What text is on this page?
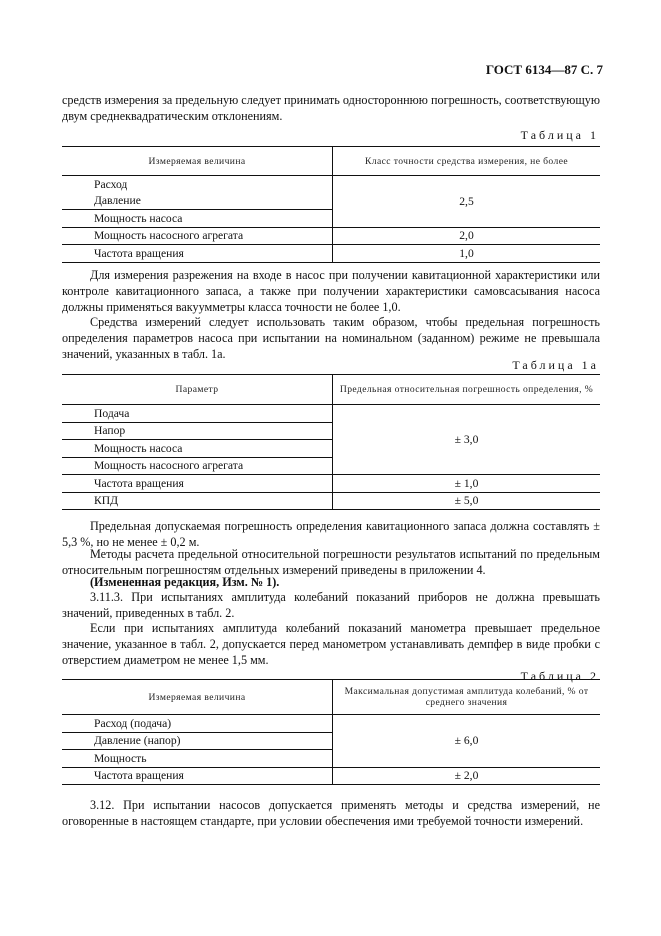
ГОСТ 6134—87 С. 7

средств измерения за предельную следует принимать одностороннюю погрешность, соответствующую двум среднеквадратическим отклонениям.

Таблица 1
Измеряемая величина	Класс точности средства измерения, не более
Расход	2,5
Давление	
Мощность насоса	
Мощность насосного агрегата	2,0
Частота вращения	1,0

Для измерения разрежения на входе в насос при получении кавитационной характеристики или контроле кавитационного запаса, а также при получении характеристики самовсасывания насоса должны применяться вакуумметры класса точности не более 1,0.

Средства измерений следует использовать таким образом, чтобы предельная погрешность определения параметров насоса при испытании на номинальном (заданном) режиме не превышала значений, указанных в табл. 1а.

Таблица 1а
Параметр	Предельная относительная погрешность определения, %
Подача	± 3,0
Напор	
Мощность насоса	
Мощность насосного агрегата	
Частота вращения	± 1,0
КПД	± 5,0

Предельная допускаемая погрешность определения кавитационного запаса должна составлять ± 5,3 %, но не менее ± 0,2 м.

Методы расчета предельной относительной погрешности результатов испытаний по предельным относительным погрешностям отдельных измерений приведены в приложении 4.

(Измененная редакция, Изм. № 1).

3.11.3. При испытаниях амплитуда колебаний показаний приборов не должна превышать значений, приведенных в табл. 2.

Если при испытаниях амплитуда колебаний показаний манометра превышает предельное значение, указанное в табл. 2, допускается перед манометром устанавливать демпфер в виде пробки с отверстием диаметром не менее 1,5 мм.

Таблица 2
Измеряемая величина	Максимальная допустимая амплитуда колебаний, % от среднего значения
Расход (подача)	± 6,0
Давление (напор)	
Мощность	
Частота вращения	± 2,0

3.12. При испытании насосов допускается применять методы и средства измерений, не оговоренные в настоящем стандарте, при условии обеспечения ими требуемой точности измерений.
